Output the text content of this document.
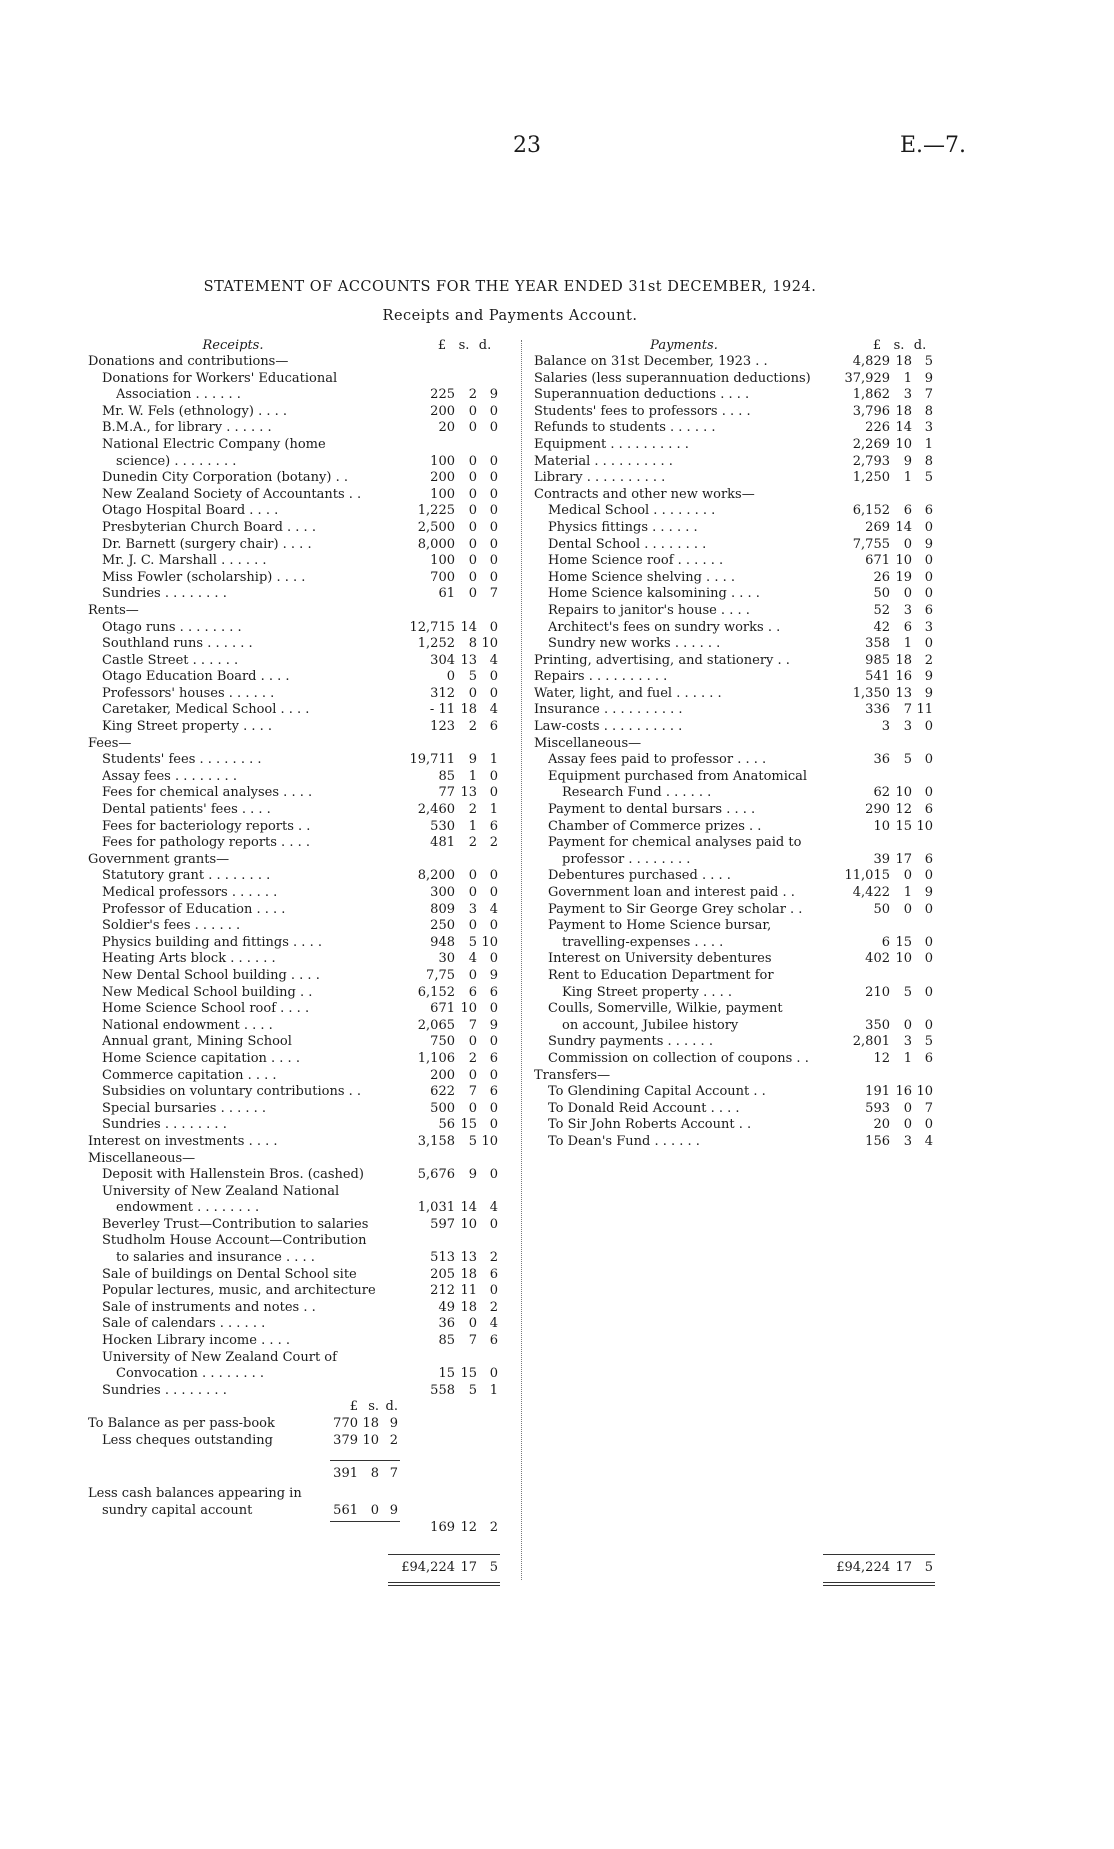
23	E.—7.
STATEMENT OF ACCOUNTS FOR THE YEAR ENDED 31st DECEMBER, 1924.
Receipts and Payments Account.
Receipts.	£ s. d.
Donations and contributions—
Donations for Workers' Educational
Association . . . . . .	225	2 9
Mr. W. Fels (ethnology) . . . .	200	0 0
B.M.A., for library . . . . . .	20	0 0
National Electric Company (home
science) . . . . . . . .	100	0 0
Dunedin City Corporation (botany) . .	200	0 0
New Zealand Society of Accountants . .	100	0 0
Otago Hospital Board . . . .	1,225	0 0
Presbyterian Church Board . . . .	2,500	0 0
Dr. Barnett (surgery chair) . . . .	8,000	0 0
Mr. J. C. Marshall . . . . . .	100	0 0
Miss Fowler (scholarship) . . . .	700	0 0
Sundries . . . . . . . .	61	0 7
Rents—
Otago runs . . . . . . . .	12,715 14 0
Southland runs . . . . . .	1,252	8 10
Castle Street . . . . . .	304 13 4
Otago Education Board . . . .	0	5 0
Professors' houses . . . . . .	312	0 0
Caretaker, Medical School . . . .	- 11 18 4
King Street property . . . .	123	2 6
Fees—
Students' fees . . . . . . . .	19,711	9 1
Assay fees . . . . . . . .	85	1 0
Fees for chemical analyses . . . .	77 13 0
Dental patients' fees . . . .	2,460	2 1
Fees for bacteriology reports . .	530	1 6
Fees for pathology reports . . . .	481	2 2
Government grants—
Statutory grant . . . . . . . .	8,200	0 0
Medical professors . . . . . .	300	0 0
Professor of Education . . . .	809	3 4
Soldier's fees . . . . . .	250	0 0
Physics building and fittings . . . .	948	5 10
Heating Arts block . . . . . .	30	4 0
New Dental School building . . . .	7,75	0 9
New Medical School building . .	6,152	6 6
Home Science School roof . . . .	671 10 0
National endowment . . . .	2,065	7 9
Annual grant, Mining School	750	0 0
Home Science capitation . . . .	1,106	2 6
Commerce capitation . . . .	200	0 0
Subsidies on voluntary contributions . .	622	7 6
Special bursaries . . . . . .	500	0 0
Sundries . . . . . . . .	56 15 0
Interest on investments . . . .	3,158	5 10
Miscellaneous—
Deposit with Hallenstein Bros. (cashed)	5,676	9 0
University of New Zealand National
endowment . . . . . . . .	1,031 14 4
Beverley Trust—Contribution to salaries	597 10 0
Studholm House Account—Contribution
to salaries and insurance . . . .	513 13 2
Sale of buildings on Dental School site	205 18 6
Popular lectures, music, and architecture	212 11 0
Sale of instruments and notes . .	49 18 2
Sale of calendars . . . . . .	36	0 4
Hocken Library income . . . .	85	7 6
University of New Zealand Court of
Convocation . . . . . . . .	15 15 0
Sundries . . . . . . . .	558	5 1
£ s. d.
To Balance as per pass-book	770 18 9
Less cheques outstanding	379 10 2
391 8 7
Less cash balances appearing in
sundry capital account	561 0 9
169 12 2
£94,224 17 5
Payments.	£ s. d.
Balance on 31st December, 1923 . .	4,829 18 5
Salaries (less superannuation deductions)	37,929	1 9
Superannuation deductions . . . .	1,862	3 7
Students' fees to professors . . . .	3,796 18 8
Refunds to students . . . . . .	226 14 3
Equipment . . . . . . . . . .	2,269 10 1
Material . . . . . . . . . .	2,793	9 8
Library . . . . . . . . . .	1,250	1 5
Contracts and other new works—
Medical School . . . . . . . .	6,152	6 6
Physics fittings . . . . . .	269 14 0
Dental School . . . . . . . .	7,755	0 9
Home Science roof . . . . . .	671 10 0
Home Science shelving . . . .	26 19 0
Home Science kalsomining . . . .	50	0 0
Repairs to janitor's house . . . .	52	3 6
Architect's fees on sundry works . .	42	6 3
Sundry new works . . . . . .	358	1 0
Printing, advertising, and stationery . .	985 18 2
Repairs . . . . . . . . . .	541 16 9
Water, light, and fuel . . . . . .	1,350 13 9
Insurance . . . . . . . . . .	336	7 11
Law-costs . . . . . . . . . .	3	3 0
Miscellaneous—
Assay fees paid to professor . . . .	36	5 0
Equipment purchased from Anatomical
Research Fund . . . . . .	62 10 0
Payment to dental bursars . . . .	290 12 6
Chamber of Commerce prizes . .	10 15 10
Payment for chemical analyses paid to
professor . . . . . . . .	39 17 6
Debentures purchased . . . .	11,015	0 0
Government loan and interest paid . .	4,422	1 9
Payment to Sir George Grey scholar . .	50	0 0
Payment to Home Science bursar,
travelling-expenses . . . .	6 15 0
Interest on University debentures	402 10 0
Rent to Education Department for
King Street property . . . .	210	5 0
Coulls, Somerville, Wilkie, payment
on account, Jubilee history	350	0 0
Sundry payments . . . . . .	2,801	3 5
Commission on collection of coupons . .	12	1 6
Transfers—
To Glendining Capital Account . .	191 16 10
To Donald Reid Account . . . .	593	0 7
To Sir John Roberts Account . .	20	0 0
To Dean's Fund . . . . . .	156	3 4
£94,224 17 5
